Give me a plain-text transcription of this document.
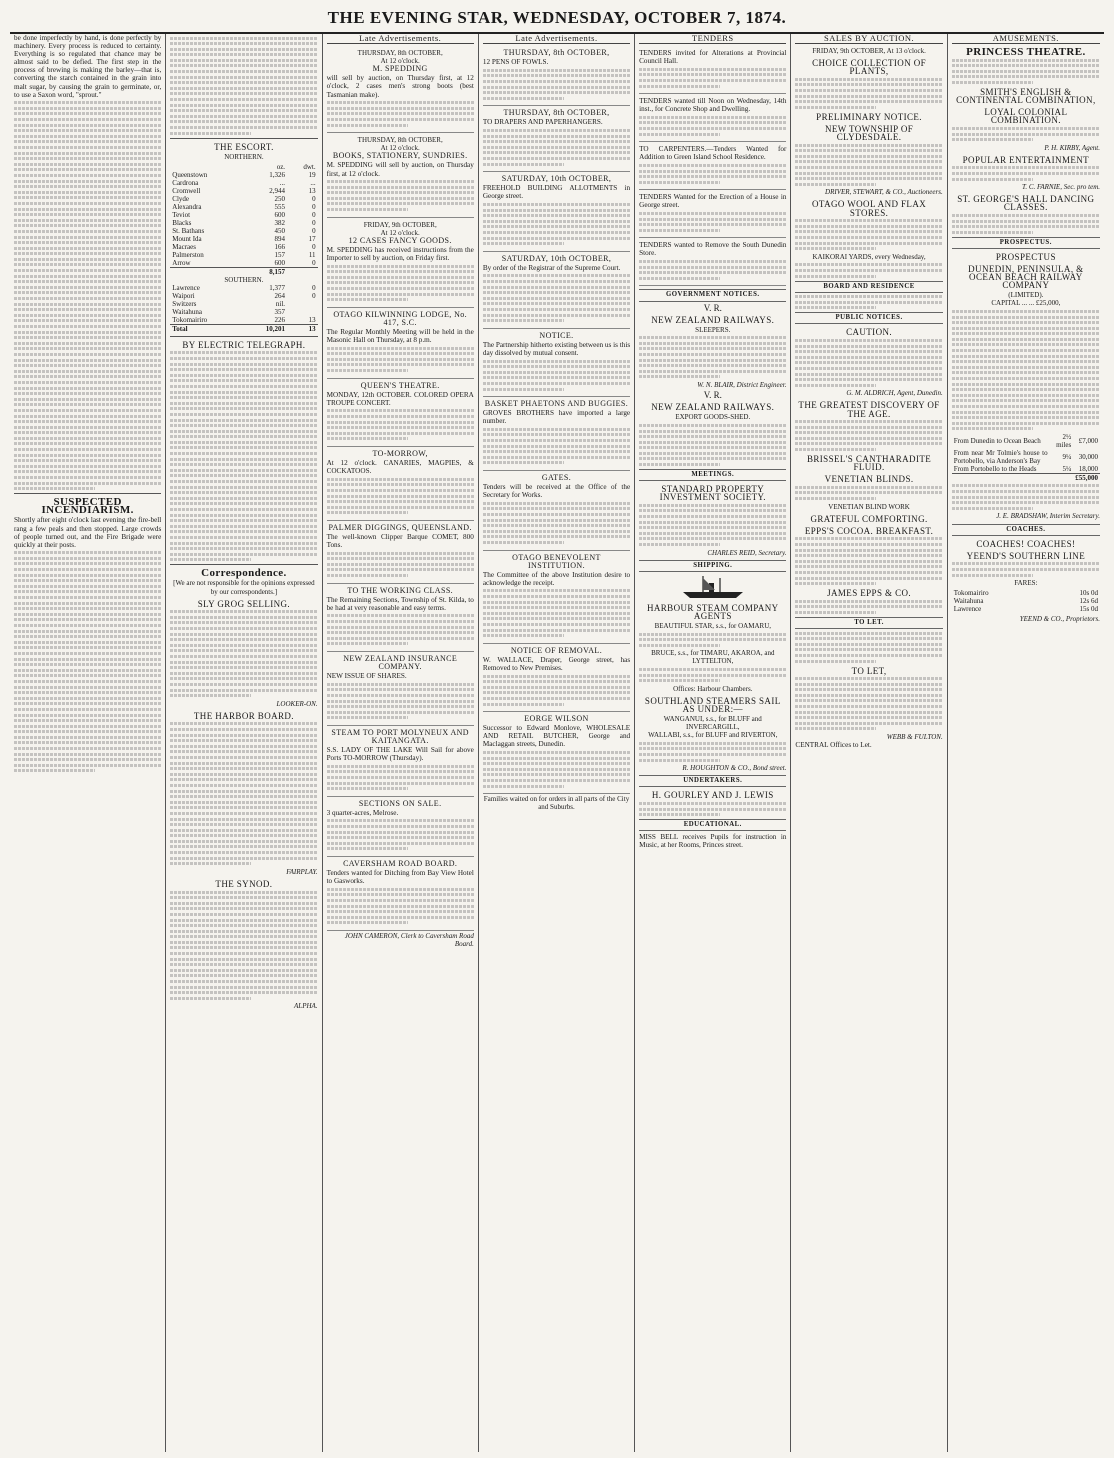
THE EVENING STAR, WEDNESDAY, OCTOBER 7, 1874.
be done imperfectly by hand, is done perfectly by machinery. Every process is reduced to certainty. Everything is so regulated that chance may be almost said to be defied. The first step in the process of brewing is making the barley—that is, converting the starch contained in the grain into malt sugar, by causing the grain to germinate, or, to use a Saxon word, "sprout."
SUSPECTED INCENDIARISM.
Shortly after eight o'clock last evening the fire-bell rang a few peals and then stopped. Large crowds of people turned out, and the Fire Brigade were quickly at their posts.
THE ESCORT.
NORTHERN.
	oz.	dwt.
Queenstown	1,326	19
Cardrona	...	...
Cromwell	2,944	13
Clyde	250	0
Alexandra	555	0
Teviot	600	0
Blacks	382	0
St. Bathans	450	0
Mount Ida	894	17
Macraes	166	0
Palmerston	157	11
Arrow	600	0
	8,157	
SOUTHERN.		
Lawrence	1,377	0
Waipori	264	0
Switzers	nil.	
Waitahuna	357	
Tokomairiro	226	13
Total	10,201	13
BY ELECTRIC TELEGRAPH.
Correspondence.
[We are not responsible for the opinions expressed by our correspondents.]
SLY GROG SELLING.
LOOKER-ON.
THE HARBOR BOARD.
FAIRPLAY.
THE SYNOD.
ALPHA.
Late Advertisements.
THURSDAY, 8th OCTOBER,
At 12 o'clock.
M. SPEDDING
will sell by auction, on Thursday first, at 12 o'clock, 2 cases men's strong boots (best Tasmanian make).
THURSDAY, 8th OCTOBER,
At 12 o'clock.
BOOKS, STATIONERY, SUNDRIES.
M. SPEDDING will sell by auction, on Thursday first, at 12 o'clock.
FRIDAY, 9th OCTOBER,
At 12 o'clock.
12 CASES FANCY GOODS.
M. SPEDDING has received instructions from the Importer to sell by auction, on Friday first.
OTAGO KILWINNING LODGE, No. 417, S.C.
The Regular Monthly Meeting will be held in the Masonic Hall on Thursday, at 8 p.m.
QUEEN'S THEATRE.
MONDAY, 12th OCTOBER. COLORED OPERA TROUPE CONCERT.
TO-MORROW,
At 12 o'clock. CANARIES, MAGPIES, & COCKATOOS.
PALMER DIGGINGS, QUEENSLAND.
The well-known Clipper Barque COMET, 800 Tons.
TO THE WORKING CLASS.
The Remaining Sections, Township of St. Kilda, to be had at very reasonable and easy terms.
NEW ZEALAND INSURANCE COMPANY.
NEW ISSUE OF SHARES.
STEAM TO PORT MOLYNEUX AND KAITANGATA.
S.S. LADY OF THE LAKE Will Sail for above Ports TO-MORROW (Thursday).
SECTIONS ON SALE.
3 quarter-acres, Melrose.
CAVERSHAM ROAD BOARD.
Tenders wanted for Ditching from Bay View Hotel to Gasworks.
JOHN CAMERON, Clerk to Caversham Road Board.
Late Advertisements.
THURSDAY, 8th OCTOBER,
12 PENS OF FOWLS.
THURSDAY, 8th OCTOBER,
TO DRAPERS AND PAPERHANGERS.
SATURDAY, 10th OCTOBER,
FREEHOLD BUILDING ALLOTMENTS in George street.
SATURDAY, 10th OCTOBER,
By order of the Registrar of the Supreme Court.
NOTICE.
The Partnership hitherto existing between us is this day dissolved by mutual consent.
BASKET PHAETONS AND BUGGIES.
GROVES BROTHERS have imported a large number.
GATES.
Tenders will be received at the Office of the Secretary for Works.
OTAGO BENEVOLENT INSTITUTION.
The Committee of the above Institution desire to acknowledge the receipt.
NOTICE OF REMOVAL.
W. WALLACE, Draper, George street, has Removed to New Premises.
EORGE WILSON
Successor to Edward Monlove, WHOLESALE AND RETAIL BUTCHER, George and Maclaggan streets, Dunedin.
Families waited on for orders in all parts of the City and Suburbs.
TENDERS
TENDERS invited for Alterations at Provincial Council Hall.
TENDERS wanted till Noon on Wednesday, 14th inst., for Concrete Shop and Dwelling.
TO CARPENTERS.—Tenders Wanted for Addition to Green Island School Residence.
TENDERS Wanted for the Erection of a House in George street.
TENDERS wanted to Remove the South Dunedin Store.
GOVERNMENT NOTICES.
V. R.
NEW ZEALAND RAILWAYS.
SLEEPERS.
W. N. BLAIR, District Engineer.
V. R.
NEW ZEALAND RAILWAYS.
EXPORT GOODS-SHED.
MEETINGS.
STANDARD PROPERTY INVESTMENT SOCIETY.
CHARLES REID, Secretary.
SHIPPING.
HARBOUR STEAM COMPANY AGENTS
BEAUTIFUL STAR, s.s., for OAMARU,
BRUCE, s.s., for TIMARU, AKAROA, and LYTTELTON,
Offices: Harbour Chambers.
SOUTHLAND STEAMERS SAIL AS UNDER:—
WANGANUI, s.s., for BLUFF and INVERCARGILL,
WALLABI, s.s., for BLUFF and RIVERTON,
R. HOUGHTON & CO., Bond street.
UNDERTAKERS.
H. GOURLEY AND J. LEWIS
EDUCATIONAL.
MISS BELL receives Pupils for instruction in Music, at her Rooms, Princes street.
SALES BY AUCTION.
FRIDAY, 9th OCTOBER, At 13 o'clock.
CHOICE COLLECTION OF PLANTS,
PRELIMINARY NOTICE.
NEW TOWNSHIP OF CLYDESDALE.
DRIVER, STEWART, & CO., Auctioneers.
OTAGO WOOL AND FLAX STORES.
KAIKORAI YARDS, every Wednesday,
BOARD AND RESIDENCE
PUBLIC NOTICES.
CAUTION.
G. M. ALDRICH, Agent, Dunedin.
THE GREATEST DISCOVERY OF THE AGE.
BRISSEL'S CANTHARADITE FLUID.
VENETIAN BLINDS.
VENETIAN BLIND WORK
GRATEFUL COMFORTING.
EPPS'S COCOA. BREAKFAST.
JAMES EPPS & CO.
TO LET.
TO LET,
WEBB & FULTON.
CENTRAL Offices to Let.
AMUSEMENTS.
PRINCESS THEATRE.
SMITH'S ENGLISH & CONTINENTAL COMBINATION,
LOYAL COLONIAL COMBINATION.
P. H. KIRBY, Agent.
POPULAR ENTERTAINMENT
T. C. FARNIE, Sec. pro tem.
ST. GEORGE'S HALL DANCING CLASSES.
PROSPECTUS.
PROSPECTUS
DUNEDIN, PENINSULA, & OCEAN BEACH RAILWAY COMPANY
(LIMITED).
CAPITAL ... ... £25,000,
From Dunedin to Ocean Beach	2½ miles	£7,000
From near Mr Tolmie's house to Portobello, via Anderson's Bay	9¼	30,000
From Portobello to the Heads	5¼	18,000
		£55,000
J. E. BRADSHAW, Interim Secretary.
COACHES.
COACHES! COACHES!
YEEND'S SOUTHERN LINE
FARES:
Tokomairiro	10s 0d
Waitahuna	12s 6d
Lawrence	15s 0d
YEEND & CO., Proprietors.
